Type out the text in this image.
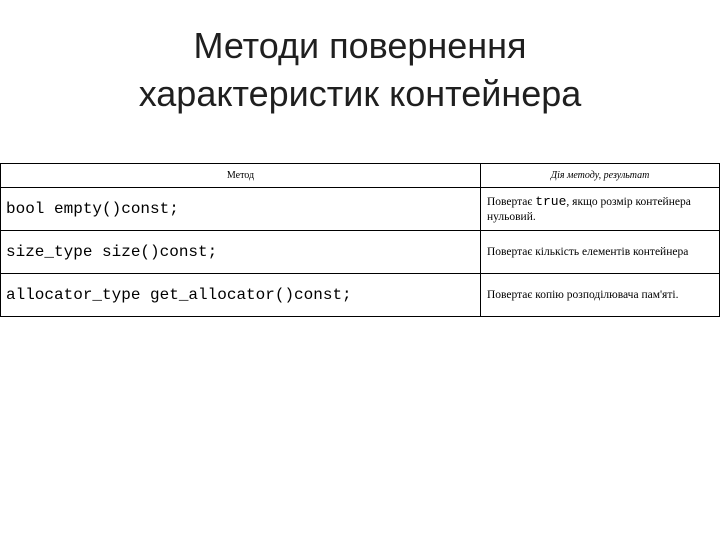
Методи повернення
характеристик контейнера
Метод	Дія методу, результат
bool empty()const;	Повертає true, якщо розмір контейнера нульовий.
size_type size()const;	Повертає кількість елементів контейнера
allocator_type get_allocator()const;	Повертає копію розподілювача пам'яті.
